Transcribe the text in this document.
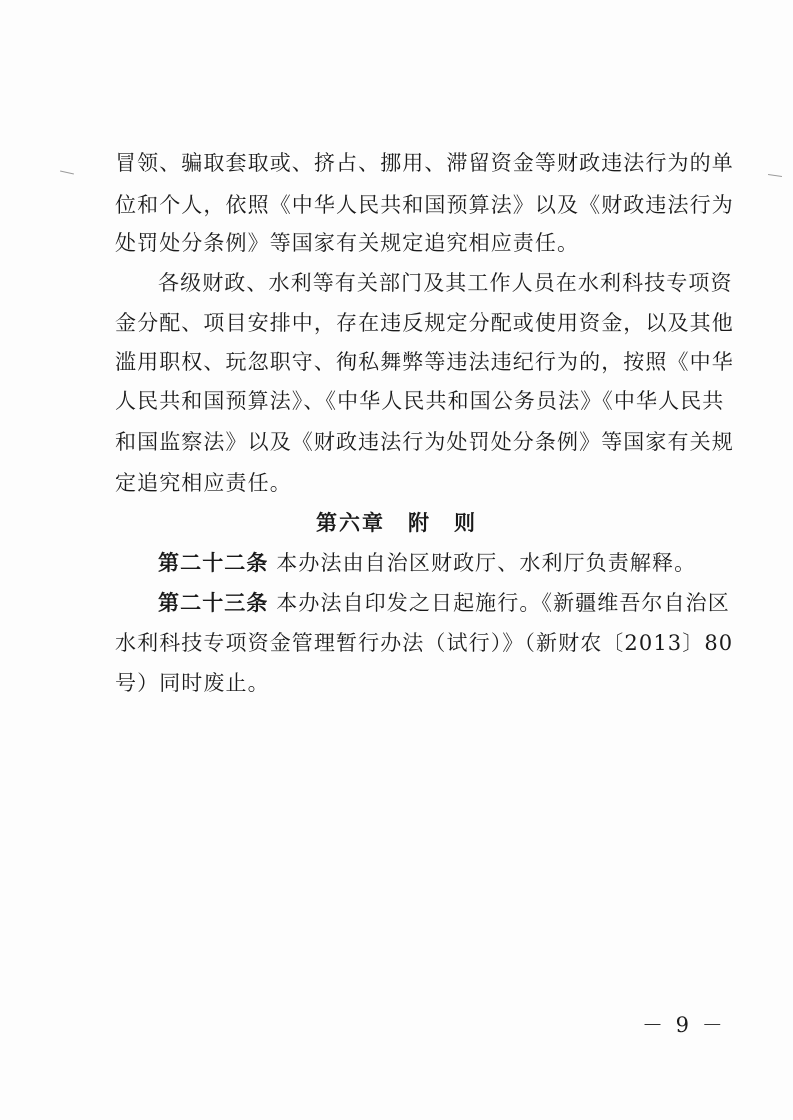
冒领、骗取套取或、挤占、挪用、滞留资金等财政违法行为的单
位和个人，依照《中华人民共和国预算法》以及《财政违法行为
处罚处分条例》等国家有关规定追究相应责任。
各级财政、水利等有关部门及其工作人员在水利科技专项资
金分配、项目安排中，存在违反规定分配或使用资金，以及其他
滥用职权、玩忽职守、徇私舞弊等违法违纪行为的，按照《中华
人民共和国预算法》、《中华人民共和国公务员法》《中华人民共
和国监察法》以及《财政违法行为处罚处分条例》等国家有关规
定追究相应责任。
第六章　附　则
第二十二条 本办法由自治区财政厅、水利厅负责解释。
第二十三条 本办法自印发之日起施行。《新疆维吾尔自治区
水利科技专项资金管理暂行办法（试行）》（新财农〔2013〕80
号）同时废止。
－ 9 －
